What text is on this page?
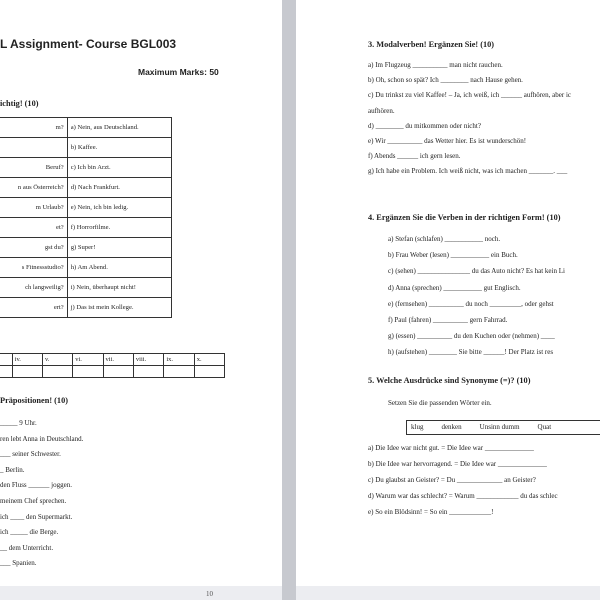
L Assignment- Course BGL003
Maximum Marks: 50
ichtig! (10)
m?	a) Nein, aus Deutschland.
	b) Kaffee.
Beruf?	c) Ich bin Arzt.
n aus Österreich?	d) Nach Frankfurt.
m Urlaub?	e) Nein, ich bin ledig.
et?	f) Horrorfilme.
gst du?	g) Super!
s Fitnessstudio?	h) Am Abend.
ch langweilig?	i) Nein, überhaupt nicht!
ert?	j) Das ist mein Kollege.
	iv.	v.	vi.	vii.	viii.	ix.	x.

Präpositionen! (10)
_____ 9 Uhr.
ren lebt Anna in Deutschland.
___ seiner Schwester.
_ Berlin.
den Fluss ______ joggen.
meinem Chef sprechen.
ich ____ den Supermarkt.
ich _____ die Berge.
__ dem Unterricht.
___ Spanien.
10
3. Modalverben! Ergänzen Sie! (10)
a) Im Flugzeug __________ man nicht rauchen.
b) Oh, schon so spät? Ich ________ nach Hause gehen.
c) Du trinkst zu viel Kaffee! – Ja, ich weiß, ich ______ aufhören, aber ic
aufhören.
d) ________ du mitkommen oder nicht?
e) Wir __________ das Wetter hier. Es ist wunderschön!
f) Abends ______ ich gern lesen.
g) Ich habe ein Problem. Ich weiß nicht, was ich machen _______. ___
4. Ergänzen Sie die Verben in der richtigen Form! (10)
a) Stefan (schlafen) ___________ noch.
b) Frau Weber (lesen) ___________ ein Buch.
c) (sehen) _______________ du das Auto nicht? Es hat kein Li
d) Anna (sprechen) ___________ gut Englisch.
e) (fernsehen) __________ du noch _________, oder gehst
f) Paul (fahren) __________ gern Fahrrad.
g) (essen) __________ du den Kuchen oder (nehmen) ____
h) (aufstehen) ________ Sie bitte ______! Der Platz ist res
5. Welche Ausdrücke sind Synonyme (=)? (10)
Setzen Sie die passenden Wörter ein.
klug	denken	Unsinn dumm	Quat
a) Die Idee war nicht gut. = Die Idee war ______________
b) Die Idee war hervorragend. = Die Idee war ______________
c) Du glaubst an Geister? = Du _____________ an Geister?
d) Warum war das schlecht? = Warum ____________ du das schlec
e) So ein Blödsinn! = So ein ____________!
